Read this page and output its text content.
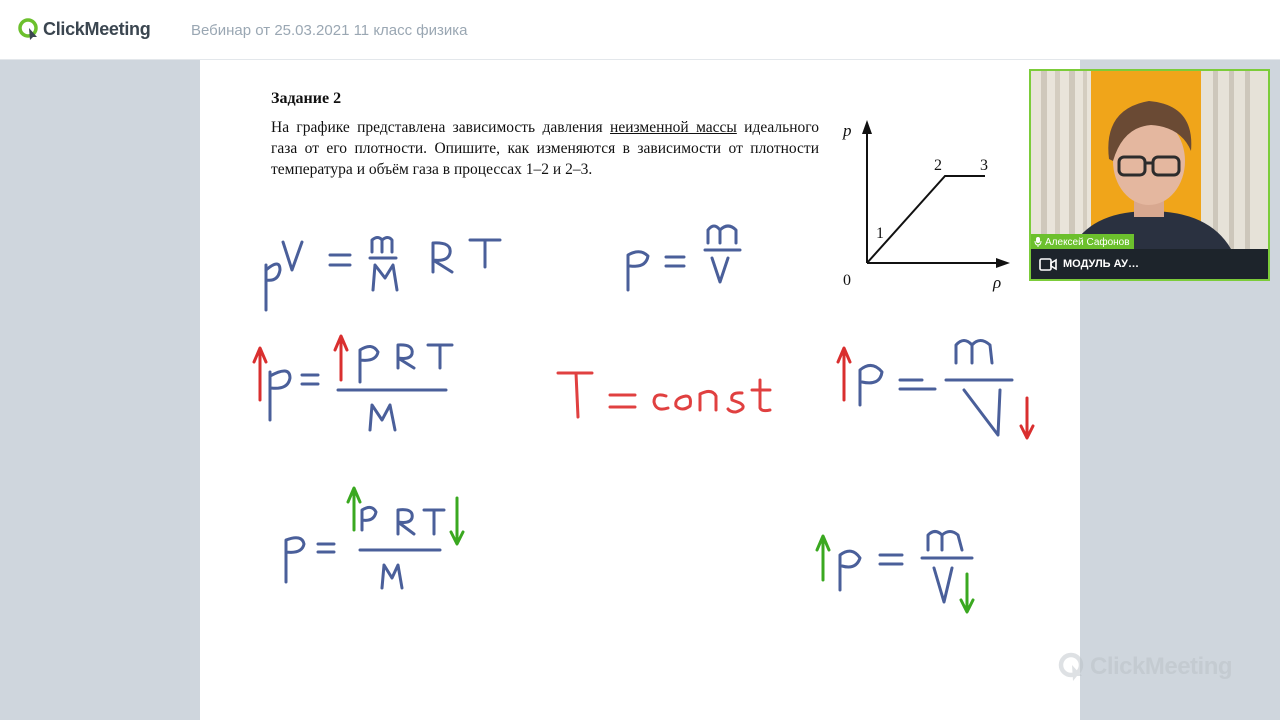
ClickMeeting	Вебинар от 25.03.2021 11 класс физика
Задание 2
На графике представлена зависимость давления неизменной массы идеального газа от его плотности. Опишите, как изменяются в зависимости от плотности температура и объём газа в процессах 1–2 и 2–3.
p
ρ
0
1
2 3
ClickMeeting
Алексей Сафонов
МОДУЛЬ АУ…
